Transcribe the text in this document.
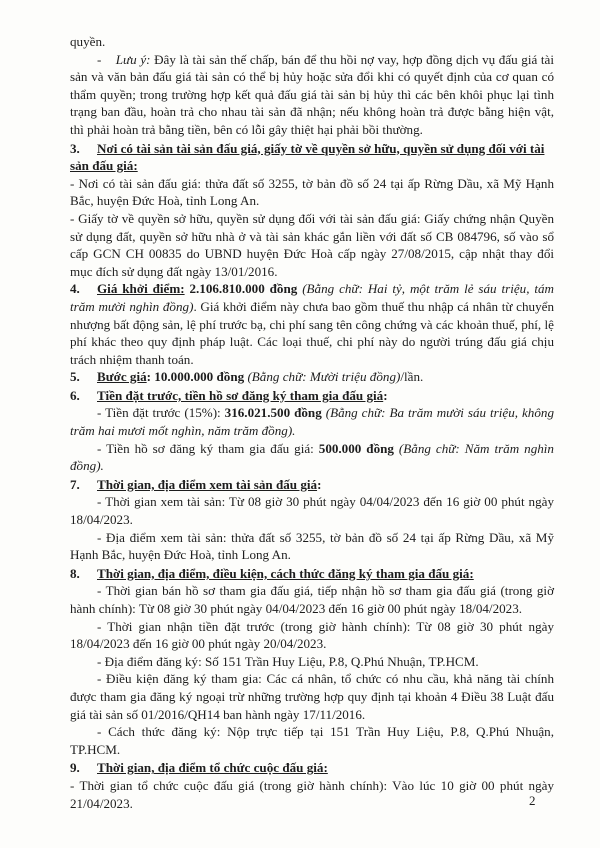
quyền.

-    Lưu ý: Đây là tài sản thế chấp, bán để thu hồi nợ vay, hợp đồng dịch vụ đấu giá tài sản và văn bản đấu giá tài sản có thể bị hủy hoặc sửa đổi khi có quyết định của cơ quan có thẩm quyền; trong trường hợp kết quả đấu giá tài sản bị hủy thì các bên khôi phục lại tình trạng ban đầu, hoàn trả cho nhau tài sản đã nhận; nếu không hoàn trả được bằng hiện vật, thì phải hoàn trả bằng tiền, bên có lỗi gây thiệt hại phải bồi thường.

3.	Nơi có tài sản tài sản đấu giá, giấy tờ về quyền sở hữu, quyền sử dụng đối với tài

sản đấu giá:

- Nơi có tài sản đấu giá: thửa đất số 3255, tờ bản đồ số 24 tại ấp Rừng Dầu, xã Mỹ Hạnh Bắc, huyện Đức Hoà, tỉnh Long An.

- Giấy tờ về quyền sở hữu, quyền sử dụng đối với tài sản đấu giá: Giấy chứng nhận Quyền sử dụng đất, quyền sở hữu nhà ở và tài sản khác gắn liền với đất số CB 084796, số vào sổ cấp GCN CH 00835 do UBND huyện Đức Hoà cấp ngày 27/08/2015, cập nhật thay đổi mục đích sử dụng đất ngày 13/01/2016.

4. Giá khởi điểm: 2.106.810.000 đồng (Bằng chữ: Hai tỷ, một trăm lẻ sáu triệu, tám trăm mười nghìn đồng). Giá khởi điểm này chưa bao gồm thuế thu nhập cá nhân từ chuyển nhượng bất động sản, lệ phí trước bạ, chi phí sang tên công chứng và các khoản thuế, phí, lệ phí khác theo quy định pháp luật. Các loại thuế, chi phí này do người trúng đấu giá chịu trách nhiệm thanh toán.

5. Bước giá: 10.000.000 đồng (Bằng chữ: Mười triệu đồng)/lần.

6.	Tiền đặt trước, tiền hồ sơ đăng ký tham gia đấu giá:

- Tiền đặt trước (15%): 316.021.500 đồng (Bằng chữ: Ba trăm mười sáu triệu, không trăm hai mươi mốt nghìn, năm trăm đồng).

- Tiền hồ sơ đăng ký tham gia đấu giá: 500.000 đồng (Bằng chữ: Năm trăm nghìn đồng).

7.	Thời gian, địa điểm xem tài sản đấu giá:

- Thời gian xem tài sản: Từ 08 giờ 30 phút ngày 04/04/2023 đến 16 giờ 00 phút ngày 18/04/2023.

- Địa điểm xem tài sản: thửa đất số 3255, tờ bản đồ số 24 tại ấp Rừng Dầu, xã Mỹ Hạnh Bắc, huyện Đức Hoà, tỉnh Long An.

8.	Thời gian, địa điểm, điều kiện, cách thức đăng ký tham gia đấu giá:

- Thời gian bán hồ sơ tham gia đấu giá, tiếp nhận hồ sơ tham gia đấu giá (trong giờ hành chính): Từ 08 giờ 30 phút ngày 04/04/2023 đến 16 giờ 00 phút ngày 18/04/2023.

- Thời gian nhận tiền đặt trước (trong giờ hành chính): Từ 08 giờ 30 phút ngày 18/04/2023 đến 16 giờ 00 phút ngày 20/04/2023.

- Địa điểm đăng ký: Số 151 Trần Huy Liệu, P.8, Q.Phú Nhuận, TP.HCM.

- Điều kiện đăng ký tham gia: Các cá nhân, tổ chức có nhu cầu, khả năng tài chính được tham gia đăng ký ngoại trừ những trường hợp quy định tại khoản 4 Điều 38 Luật đấu giá tài sản số 01/2016/QH14 ban hành ngày 17/11/2016.

- Cách thức đăng ký: Nộp trực tiếp tại 151 Trần Huy Liệu, P.8, Q.Phú Nhuận, TP.HCM.

9.	Thời gian, địa điểm tổ chức cuộc đấu giá:

- Thời gian tổ chức cuộc đấu giá (trong giờ hành chính): Vào lúc 10 giờ 00 phút ngày 21/04/2023.	2
